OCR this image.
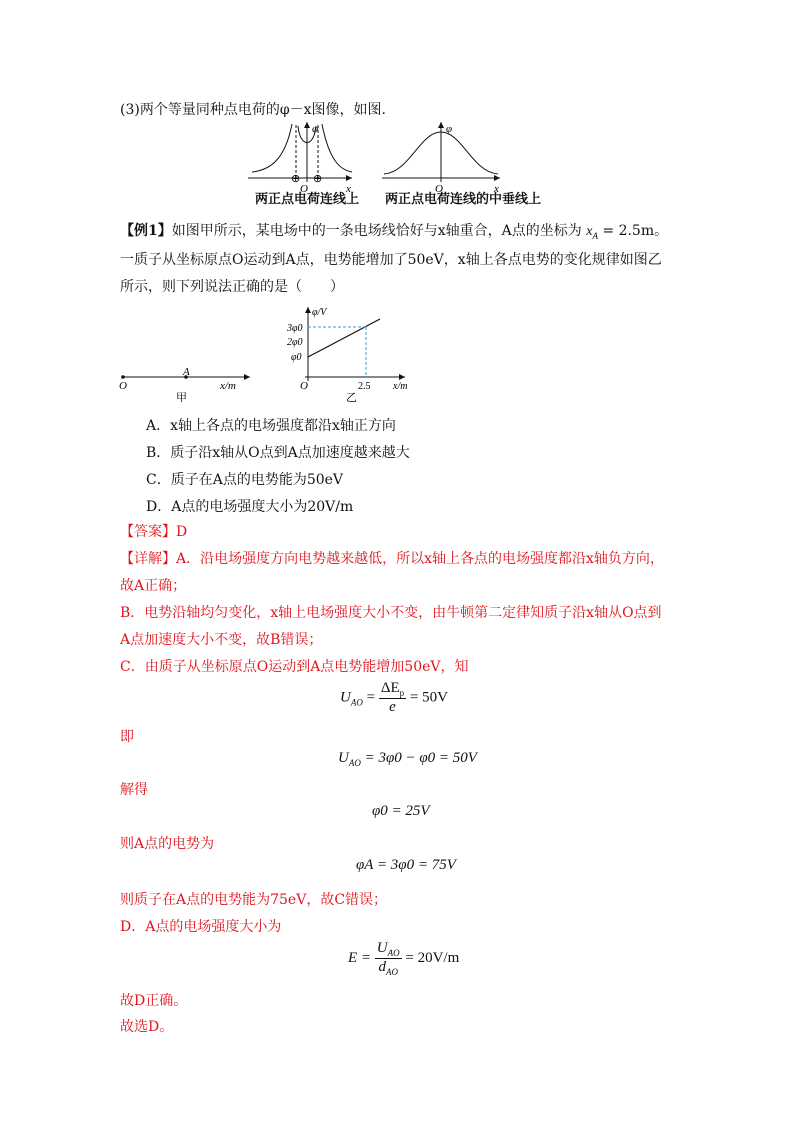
(3)两个等量同种点电荷的φ－x图像，如图.
φ
x
O
⊕ ⊕
φ
x
O
两正点电荷连线上 两正点电荷连线的中垂线上
【例1】如图甲所示，某电场中的一条电场线恰好与x轴重合，A点的坐标为 $x_A = 2.5m$。
一质子从坐标原点O运动到A点，电势能增加了50eV，x轴上各点电势的变化规律如图乙
所示，则下列说法正确的是（　　）
O
A
x/m
甲
φ/V
3φ0
2φ0
φ0
O	2.5 x/m
乙
A．x轴上各点的电场强度都沿x轴正方向
B．质子沿x轴从O点到A点加速度越来越大
C．质子在A点的电势能为50eV
D．A点的电场强度大小为20V/m
【答案】D
【详解】A．沿电场强度方向电势越来越低，所以x轴上各点的电场强度都沿x轴负方向，
故A正确；
B．电势沿轴均匀变化，x轴上电场强度大小不变，由牛顿第二定律知质子沿x轴从O点到
A点加速度大小不变，故B错误；
C．由质子从坐标原点O运动到A点电势能增加50eV，知
$U_{AO} = \frac{\Delta E_p}{e} = 50V$
即
$U_{AO} = 3\varphi 0 - \varphi 0 = 50V$
解得
φ0 = 25V
则A点的电势为
φA = 3φ0 = 75V
则质子在A点的电势能为75eV，故C错误；
D．A点的电场强度大小为
$E = \frac{U_{AO}}{d_{AO}} = 20V/m$
故D正确。
故选D。
